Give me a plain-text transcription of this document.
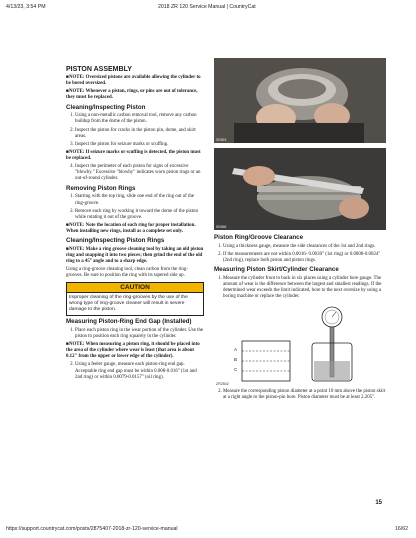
4/13/23, 3:54 PM	2018 ZR 120 Service Manual | CountryCat
PISTON ASSEMBLY

■NOTE: Oversized pistons are available allowing the cylinder to be bored oversized.

■NOTE: Whenever a piston, rings, or pins are out of tolerance, they must be replaced.

Cleaning/Inspecting Piston
1. Using a non-metallic carbon removal tool, remove any carbon buildup from the dome of the piston.
2. Inspect the piston for cracks in the piston pin, dome, and skirt areas.
3. Inspect the piston for seizure marks or scuffing.

■NOTE: If seizure marks or scuffing is detected, the piston must be replaced.

4. Inspect the perimeter of each piston for signs of excessive "blowby." Excessive "blowby" indicates worn piston rings or an out-of-round cylinder.
Removing Piston Rings
1. Starting with the top ring, slide one end of the ring out of the ring-groove.
2. Remove each ring by working it toward the dome of the piston while rotating it out of the groove.

■NOTE: Note the location of each ring for proper installation. When installing new rings, install as a complete set only.

Cleaning/Inspecting Piston Rings

■NOTE: Make a ring groove cleaning tool by taking an old piston ring and snapping it into two pieces; then grind the end of the old ring to a 45° angle and to a sharp edge.

Using a ring-groove cleaning tool, clean carbon from the ring-grooves. Be sure to position the ring with its tapered side up.

CAUTION
Improper cleaning of the ring-grooves by the use of the wrong type of ring-groove cleaner will result in severe damage to the piston.
Measuring Piston-Ring End Gap (Installed)
1. Place each piston ring in the wear portion of the cylinder. Use the piston to position each ring squarely in the cylinder.

■NOTE: When measuring a piston ring, it should be placed into the area of the cylinder where wear is least (that area is about 0.12" from the upper or lower edge of the cylinder).

2. Using a feeler gauge, measure each piston-ring end gap. Acceptable ring end gap must be within 0.008-0.016" (1st and 2nd ring) or within 0.0079-0.0157" (oil ring).
S0363
S0366
Piston Ring/Groove Clearance
1. Using a thickness gauge, measure the side clearances of the 1st and 2nd rings.
2. If the measurements are not within 0.0016- 0.0030" (1st ring) or 0.0008-0.0024" (2nd ring), replace both piston and piston rings.
Measuring Piston Skirt/Cylinder Clearance
1. Measure the cylinder front to back in six places using a cylinder bore gauge. The amount of wear is the difference between the largest and smallest readings. If the determined wear exceeds the limit indicated, bore to the next oversize by using a boring machine or replace the cylinder.
A
B
C
ZR2502
2. Measure the corresponding piston diameter at a point 10 mm above the piston skirt at a right angle to the piston-pin bore. Piston diameter must be at least 2.205".
15
https://support.countrycat.com/posts/2875407-2018-zr-120-service-manual	16/62
